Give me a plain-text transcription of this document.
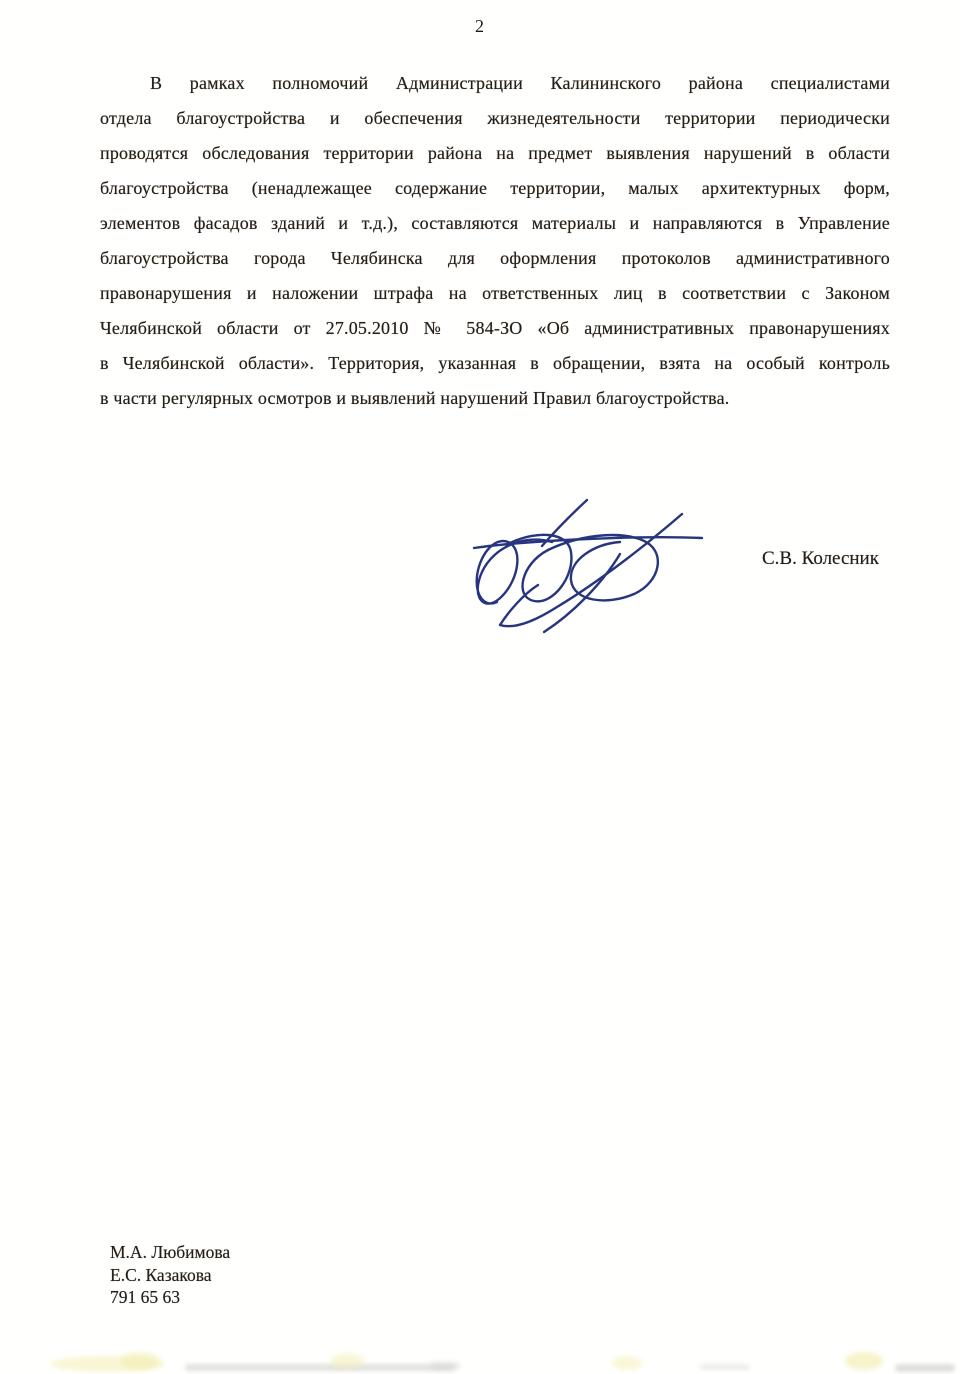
2
В рамках полномочий Администрации Калининского района специалистами
отдела благоустройства и обеспечения жизнедеятельности территории периодически
проводятся обследования территории района на предмет выявления нарушений в области
благоустройства (ненадлежащее содержание территории, малых архитектурных форм,
элементов фасадов зданий и т.д.), составляются материалы и направляются в Управление
благоустройства города Челябинска для оформления протоколов административного
правонарушения и наложении штрафа на ответственных лиц в соответствии с Законом
Челябинской области от 27.05.2010 № 584-ЗО «Об административных правонарушениях
в Челябинской области». Территория, указанная в обращении, взята на особый контроль
в части регулярных осмотров и выявлений нарушений Правил благоустройства.
С.В. Колесник
М.А. Любимова
Е.С. Казакова
791 65 63
